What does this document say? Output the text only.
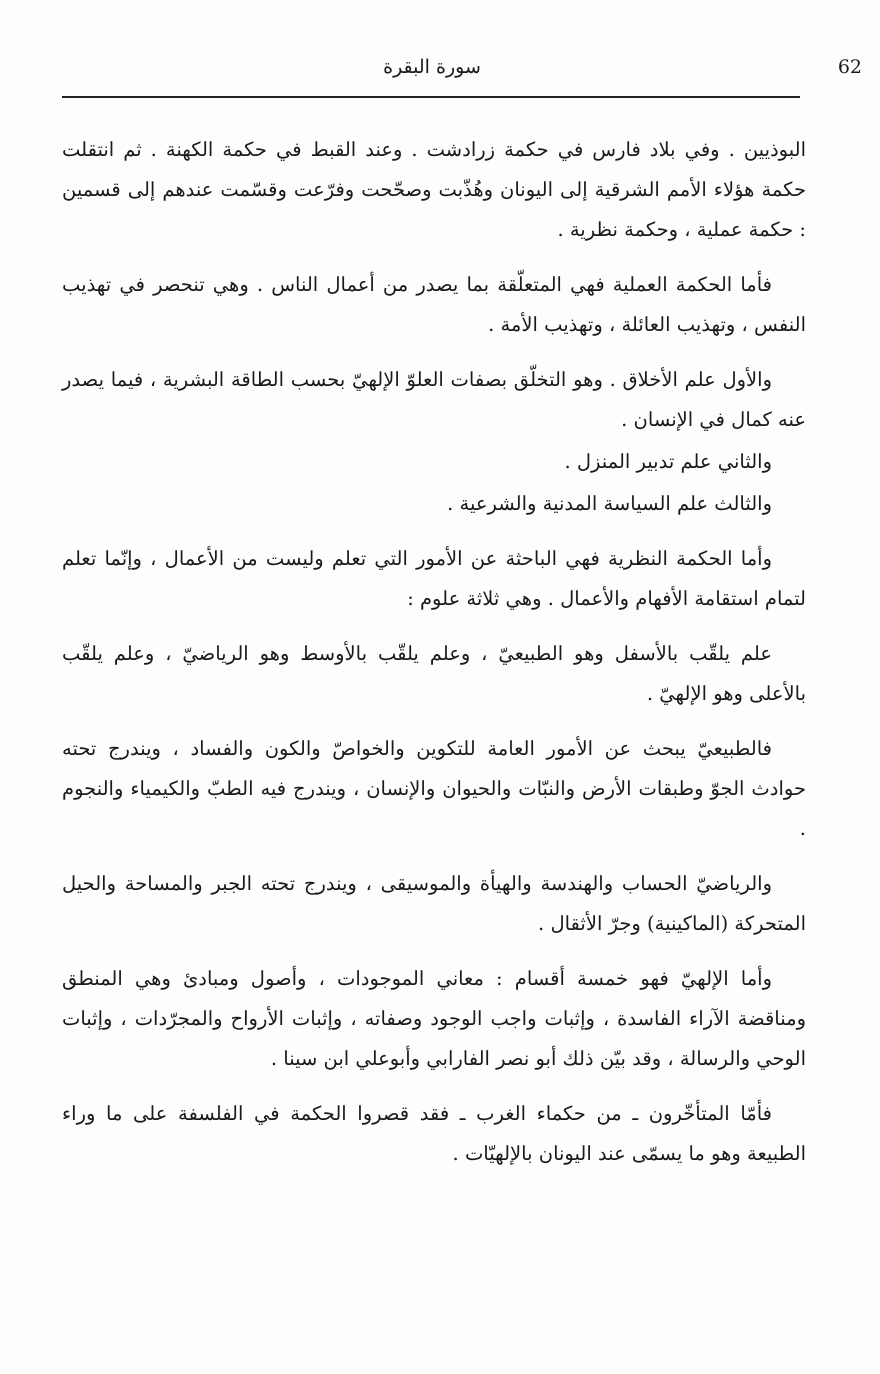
62
سورة البقرة

البوذيين . وفي بلاد فارس في حكمة زرادشت . وعند القبط في حكمة الكهنة . ثم انتقلت حكمة هؤلاء الأمم الشرقية إلى اليونان وهُذّبت وصحّحت وفرّعت وقسّمت عندهم إلى قسمين : حكمة عملية ، وحكمة نظرية .

فأما الحكمة العملية فهي المتعلّقة بما يصدر من أعمال الناس . وهي تنحصر في تهذيب النفس ، وتهذيب العائلة ، وتهذيب الأمة .

والأول علم الأخلاق . وهو التخلّق بصفات العلوّ الإلهيّ بحسب الطاقة البشرية ، فيما يصدر عنه كمال في الإنسان .

والثاني علم تدبير المنزل .

والثالث علم السياسة المدنية والشرعية .

وأما الحكمة النظرية فهي الباحثة عن الأمور التي تعلم وليست من الأعمال ، وإنّما تعلم لتمام استقامة الأفهام والأعمال . وهي ثلاثة علوم :

علم يلقّب بالأسفل وهو الطبيعيّ ، وعلم يلقّب بالأوسط وهو الرياضيّ ، وعلم يلقّب بالأعلى وهو الإلهيّ .

فالطبيعيّ يبحث عن الأمور العامة للتكوين والخواصّ والكون والفساد ، ويندرج تحته حوادث الجوّ وطبقات الأرض والنبّات والحيوان والإنسان ، ويندرج فيه الطبّ والكيمياء والنجوم .

والرياضيّ الحساب والهندسة والهيأة والموسيقى ، ويندرج تحته الجبر والمساحة والحيل المتحركة (الماكينية) وجرّ الأثقال .

وأما الإلهيّ فهو خمسة أقسام : معاني الموجودات ، وأصول ومبادئ وهي المنطق ومناقضة الآراء الفاسدة ، وإثبات واجب الوجود وصفاته ، وإثبات الأرواح والمجرّدات ، وإثبات الوحي والرسالة ، وقد بيّن ذلك أبو نصر الفارابي وأبوعلي ابن سينا .

فأمّا المتأخّرون ـ من حكماء الغرب ـ فقد قصروا الحكمة في الفلسفة على ما وراء الطبيعة وهو ما يسمّى عند اليونان بالإلهيّات .
